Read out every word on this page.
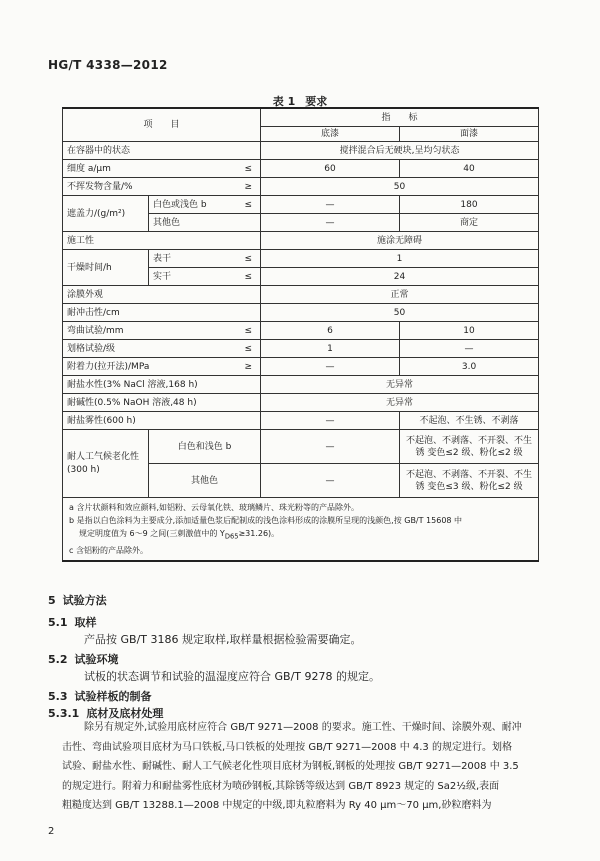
HG/T 4338—2012
表 1 要求
项　　目			指　　标	
			底漆	面漆
在容器中的状态			搅拌混合后无硬块,呈均匀状态	
细度 a/μm		≤	60	40
不挥发物含量/%		≥	50	
遮盖力/(g/m²)	白色或浅色 b	≤	—	180
	其他色		—	商定
施工性			施涂无障碍	
干燥时间/h	表干	≤	1	
	实干	≤	24	
涂膜外观			正常	
耐冲击性/cm			50	
弯曲试验/mm		≤	6	10
划格试验/级		≤	1	—
附着力(拉开法)/MPa		≥	—	3.0
耐盐水性(3% NaCl 溶液,168 h)			无异常	
耐碱性(0.5% NaOH 溶液,48 h)			无异常	
耐盐雾性(600 h)			—	不起泡、不生锈、不剥落

耐人工气候老化性
(300 h)	白色和浅色 b		—	不起泡、不剥落、不开裂、不生锈 变色≤2 级、粉化≤2 级
	其他色		—	不起泡、不剥落、不开裂、不生锈 变色≤3 级、粉化≤2 级

a 含片状颜料和效应颜料,如铝粉、云母氧化铁、玻璃鳞片、珠光粉等的产品除外。

b 是指以白色涂料为主要成分,添加适量色浆后配制成的浅色涂料形成的涂膜所呈现的浅颜色,按 GB/T 15608 中

规定明度值为 6～9 之间(三刺激值中的 $Y_{D65}\ge 31.26$)。

c 含铝粉的产品除外。				

5 试验方法
5.1 取样
产品按 GB/T 3186 规定取样,取样量根据检验需要确定。
5.2 试验环境
试板的状态调节和试验的温湿度应符合 GB/T 9278 的规定。
5.3 试验样板的制备
5.3.1 底材及底材处理
除另有规定外,试验用底材应符合 GB/T 9271—2008 的要求。施工性、干燥时间、涂膜外观、耐冲
击性、弯曲试验项目底材为马口铁板,马口铁板的处理按 GB/T 9271—2008 中 4.3 的规定进行。划格
试验、耐盐水性、耐碱性、耐人工气候老化性项目底材为钢板,钢板的处理按 GB/T 9271—2008 中 3.5
的规定进行。附着力和耐盐雾性底材为喷砂钢板,其除锈等级达到 GB/T 8923 规定的 Sa2½级,表面
粗糙度达到 GB/T 13288.1—2008 中规定的中级,即丸粒磨料为 Ry 40 μm～70 μm,砂粒磨料为
2
